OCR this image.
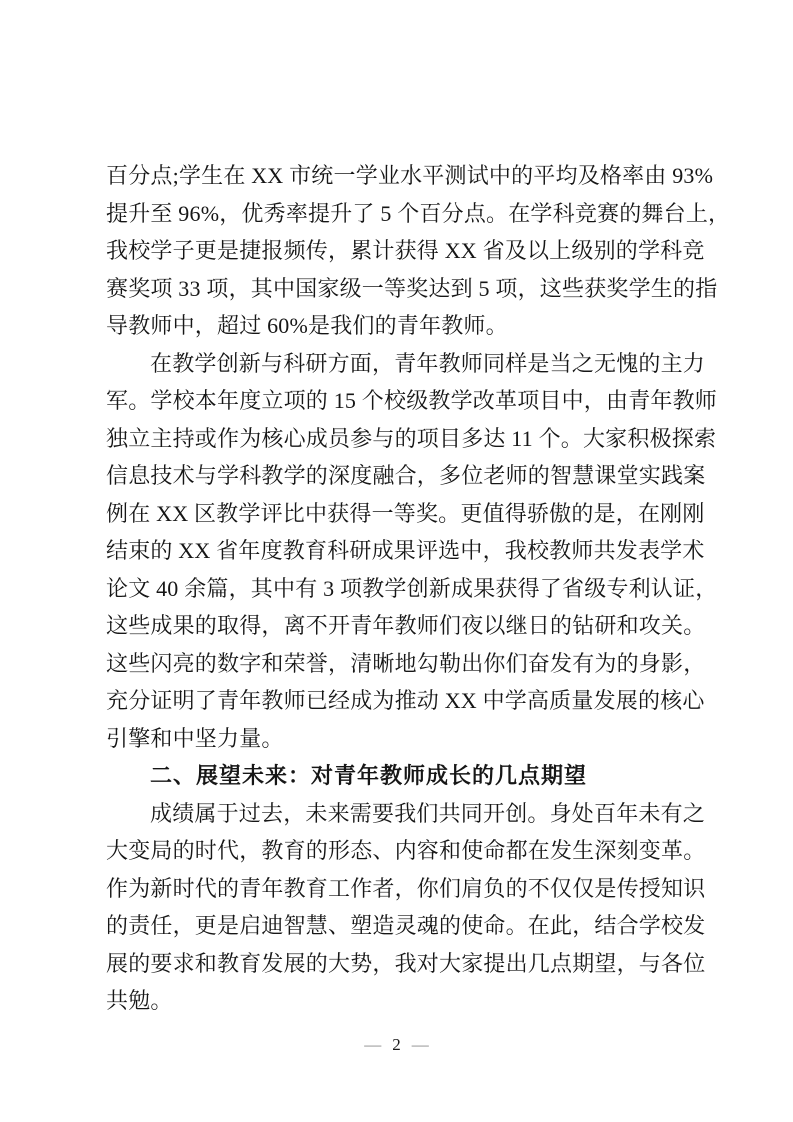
百分点;学生在 XX 市统一学业水平测试中的平均及格率由 93%
提升至 96%，优秀率提升了 5 个百分点。在学科竞赛的舞台上，
我校学子更是捷报频传，累计获得 XX 省及以上级别的学科竞
赛奖项 33 项，其中国家级一等奖达到 5 项，这些获奖学生的指
导教师中，超过 60%是我们的青年教师。
在教学创新与科研方面，青年教师同样是当之无愧的主力
军。学校本年度立项的 15 个校级教学改革项目中，由青年教师
独立主持或作为核心成员参与的项目多达 11 个。大家积极探索
信息技术与学科教学的深度融合，多位老师的智慧课堂实践案
例在 XX 区教学评比中获得一等奖。更值得骄傲的是，在刚刚
结束的 XX 省年度教育科研成果评选中，我校教师共发表学术
论文 40 余篇，其中有 3 项教学创新成果获得了省级专利认证，
这些成果的取得，离不开青年教师们夜以继日的钻研和攻关。
这些闪亮的数字和荣誉，清晰地勾勒出你们奋发有为的身影，
充分证明了青年教师已经成为推动 XX 中学高质量发展的核心
引擎和中坚力量。
二、展望未来：对青年教师成长的几点期望
成绩属于过去，未来需要我们共同开创。身处百年未有之
大变局的时代，教育的形态、内容和使命都在发生深刻变革。
作为新时代的青年教育工作者，你们肩负的不仅仅是传授知识
的责任，更是启迪智慧、塑造灵魂的使命。在此，结合学校发
展的要求和教育发展的大势，我对大家提出几点期望，与各位
共勉。
— 2 —
